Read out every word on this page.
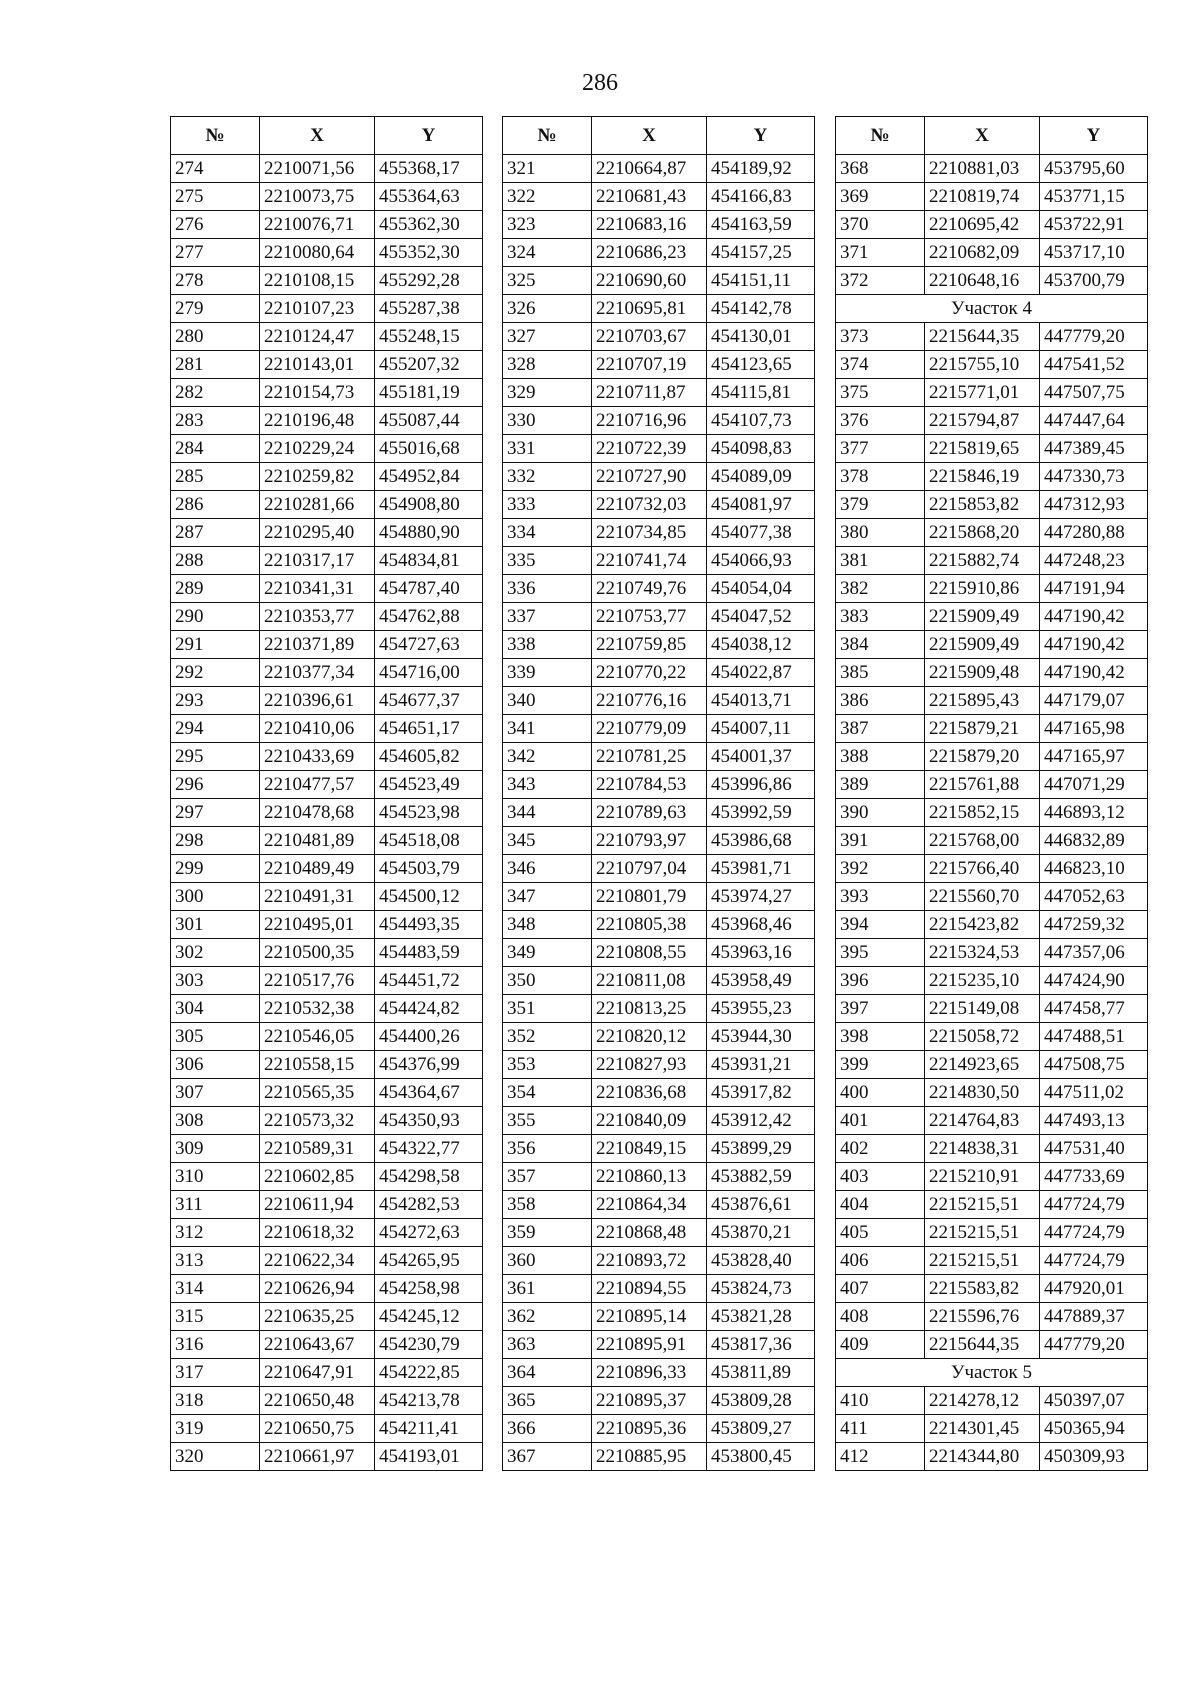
286
№	X	Y
274	2210071,56	455368,17
275	2210073,75	455364,63
276	2210076,71	455362,30
277	2210080,64	455352,30
278	2210108,15	455292,28
279	2210107,23	455287,38
280	2210124,47	455248,15
281	2210143,01	455207,32
282	2210154,73	455181,19
283	2210196,48	455087,44
284	2210229,24	455016,68
285	2210259,82	454952,84
286	2210281,66	454908,80
287	2210295,40	454880,90
288	2210317,17	454834,81
289	2210341,31	454787,40
290	2210353,77	454762,88
291	2210371,89	454727,63
292	2210377,34	454716,00
293	2210396,61	454677,37
294	2210410,06	454651,17
295	2210433,69	454605,82
296	2210477,57	454523,49
297	2210478,68	454523,98
298	2210481,89	454518,08
299	2210489,49	454503,79
300	2210491,31	454500,12
301	2210495,01	454493,35
302	2210500,35	454483,59
303	2210517,76	454451,72
304	2210532,38	454424,82
305	2210546,05	454400,26
306	2210558,15	454376,99
307	2210565,35	454364,67
308	2210573,32	454350,93
309	2210589,31	454322,77
310	2210602,85	454298,58
311	2210611,94	454282,53
312	2210618,32	454272,63
313	2210622,34	454265,95
314	2210626,94	454258,98
315	2210635,25	454245,12
316	2210643,67	454230,79
317	2210647,91	454222,85
318	2210650,48	454213,78
319	2210650,75	454211,41
320	2210661,97	454193,01
№	X	Y
321	2210664,87	454189,92
322	2210681,43	454166,83
323	2210683,16	454163,59
324	2210686,23	454157,25
325	2210690,60	454151,11
326	2210695,81	454142,78
327	2210703,67	454130,01
328	2210707,19	454123,65
329	2210711,87	454115,81
330	2210716,96	454107,73
331	2210722,39	454098,83
332	2210727,90	454089,09
333	2210732,03	454081,97
334	2210734,85	454077,38
335	2210741,74	454066,93
336	2210749,76	454054,04
337	2210753,77	454047,52
338	2210759,85	454038,12
339	2210770,22	454022,87
340	2210776,16	454013,71
341	2210779,09	454007,11
342	2210781,25	454001,37
343	2210784,53	453996,86
344	2210789,63	453992,59
345	2210793,97	453986,68
346	2210797,04	453981,71
347	2210801,79	453974,27
348	2210805,38	453968,46
349	2210808,55	453963,16
350	2210811,08	453958,49
351	2210813,25	453955,23
352	2210820,12	453944,30
353	2210827,93	453931,21
354	2210836,68	453917,82
355	2210840,09	453912,42
356	2210849,15	453899,29
357	2210860,13	453882,59
358	2210864,34	453876,61
359	2210868,48	453870,21
360	2210893,72	453828,40
361	2210894,55	453824,73
362	2210895,14	453821,28
363	2210895,91	453817,36
364	2210896,33	453811,89
365	2210895,37	453809,28
366	2210895,36	453809,27
367	2210885,95	453800,45
№	X	Y
368	2210881,03	453795,60
369	2210819,74	453771,15
370	2210695,42	453722,91
371	2210682,09	453717,10
372	2210648,16	453700,79
Участок 4		
373	2215644,35	447779,20
374	2215755,10	447541,52
375	2215771,01	447507,75
376	2215794,87	447447,64
377	2215819,65	447389,45
378	2215846,19	447330,73
379	2215853,82	447312,93
380	2215868,20	447280,88
381	2215882,74	447248,23
382	2215910,86	447191,94
383	2215909,49	447190,42
384	2215909,49	447190,42
385	2215909,48	447190,42
386	2215895,43	447179,07
387	2215879,21	447165,98
388	2215879,20	447165,97
389	2215761,88	447071,29
390	2215852,15	446893,12
391	2215768,00	446832,89
392	2215766,40	446823,10
393	2215560,70	447052,63
394	2215423,82	447259,32
395	2215324,53	447357,06
396	2215235,10	447424,90
397	2215149,08	447458,77
398	2215058,72	447488,51
399	2214923,65	447508,75
400	2214830,50	447511,02
401	2214764,83	447493,13
402	2214838,31	447531,40
403	2215210,91	447733,69
404	2215215,51	447724,79
405	2215215,51	447724,79
406	2215215,51	447724,79
407	2215583,82	447920,01
408	2215596,76	447889,37
409	2215644,35	447779,20
Участок 5		
410	2214278,12	450397,07
411	2214301,45	450365,94
412	2214344,80	450309,93
